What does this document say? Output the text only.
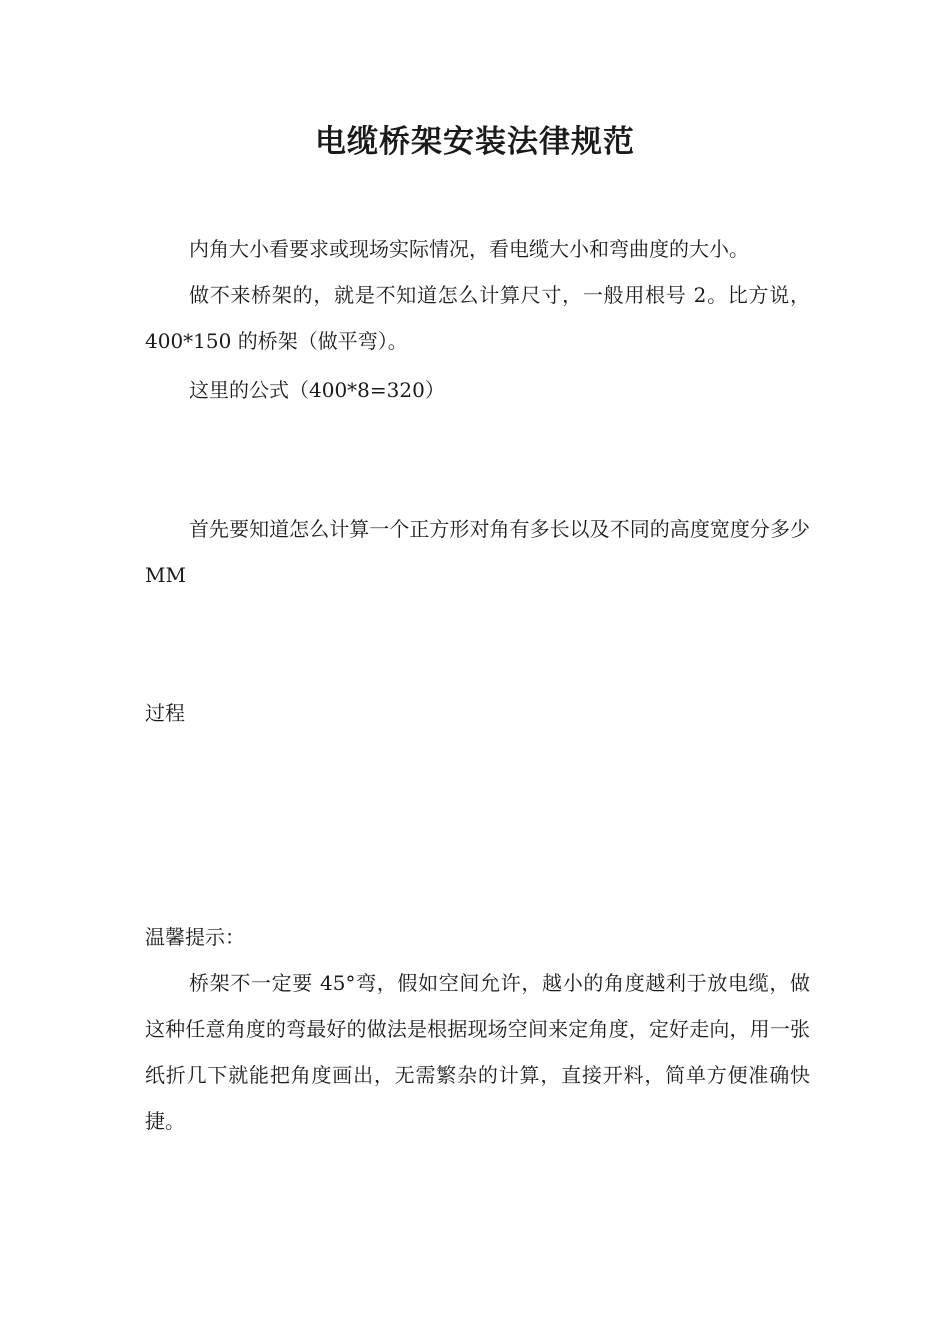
电缆桥架安装法律规范

内角大小看要求或现场实际情况，看电缆大小和弯曲度的大小。

做不来桥架的，就是不知道怎么计算尺寸，一般用根号 2。比方说，400*150 的桥架（做平弯）。

这里的公式（400*8=320）

首先要知道怎么计算一个正方形对角有多长以及不同的高度宽度分多少 MM

过程

温馨提示：

桥架不一定要 45°弯，假如空间允许，越小的角度越利于放电缆，做这种任意角度的弯最好的做法是根据现场空间来定角度，定好走向，用一张纸折几下就能把角度画出，无需繁杂的计算，直接开料，简单方便准确快捷。
